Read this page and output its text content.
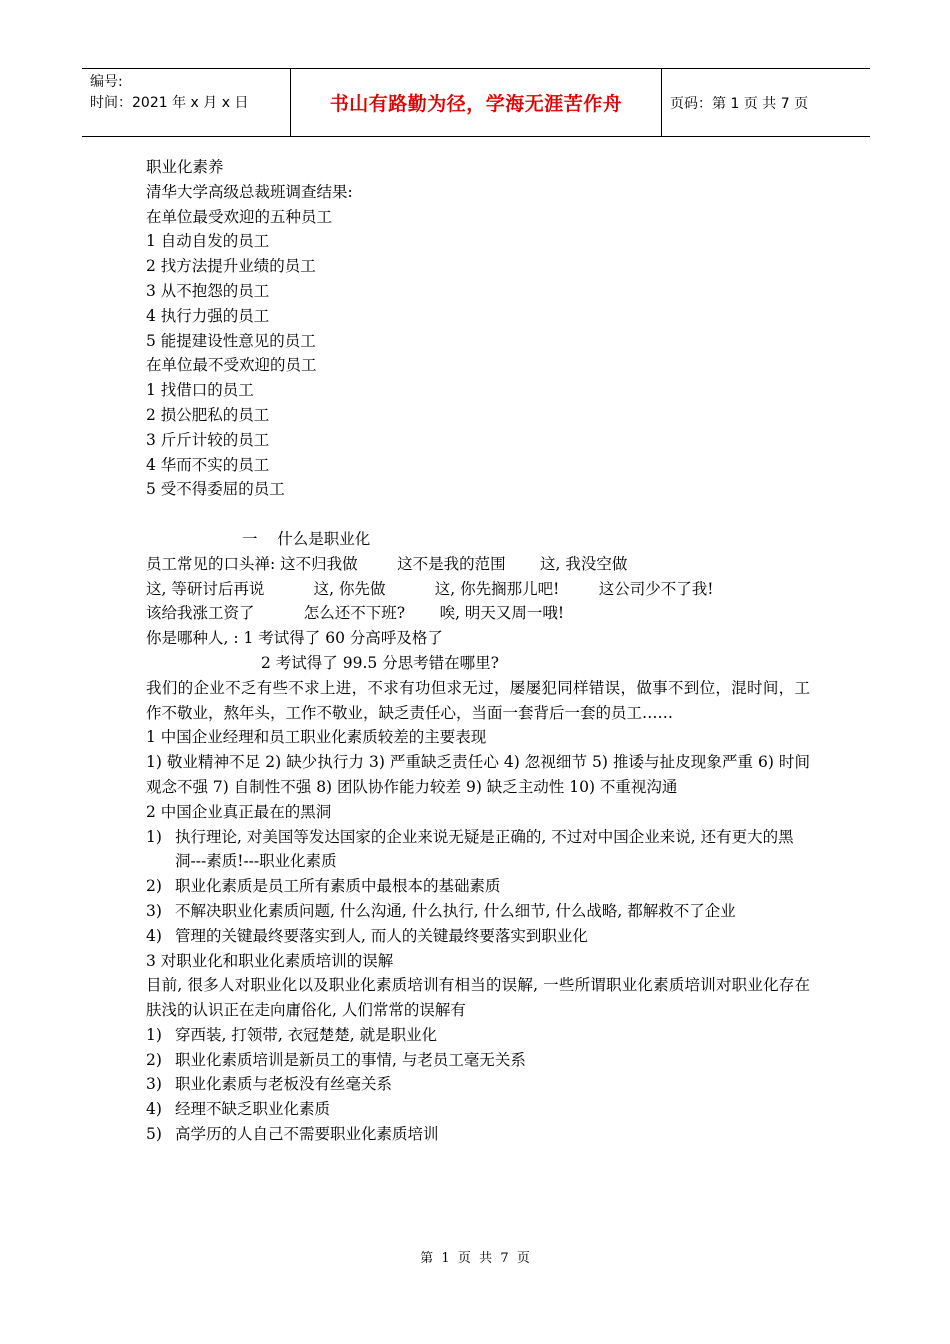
编号:
时间：2021 年 x 月 x 日	书山有路勤为径，学海无涯苦作舟	页码：第 1 页 共 7 页
职业化素养
清华大学高级总裁班调查结果:
在单位最受欢迎的五种员工
1 自动自发的员工
2 找方法提升业绩的员工
3 从不抱怨的员工
4 执行力强的员工
5 能提建设性意见的员工
在单位最不受欢迎的员工
1 找借口的员工
2 损公肥私的员工
3 斤斤计较的员工
4 华而不实的员工
5 受不得委屈的员工
一    什么是职业化
员工常见的口头禅: 这不归我做        这不是我的范围       这, 我没空做
这, 等研讨后再说          这, 你先做          这, 你先搁那儿吧!        这公司少不了我!
该给我涨工资了          怎么还不下班?       唉, 明天又周一哦!
你是哪种人, : 1 考试得了 60 分高呼及格了
2 考试得了 99.5 分思考错在哪里?
我们的企业不乏有些不求上进，不求有功但求无过，屡屡犯同样错误，做事不到位，混时间，工作不敬业，熬年头，工作不敬业，缺乏责任心，当面一套背后一套的员工……
1 中国企业经理和员工职业化素质较差的主要表现
1) 敬业精神不足 2) 缺少执行力 3) 严重缺乏责任心 4) 忽视细节 5) 推诿与扯皮现象严重 6) 时间观念不强 7) 自制性不强 8) 团队协作能力较差 9) 缺乏主动性 10) 不重视沟通
2 中国企业真正最在的黑洞
1) 执行理论, 对美国等发达国家的企业来说无疑是正确的, 不过对中国企业来说, 还有更大的黑洞---素质!---职业化素质
2) 职业化素质是员工所有素质中最根本的基础素质
3) 不解决职业化素质问题, 什么沟通, 什么执行, 什么细节, 什么战略, 都解救不了企业
4) 管理的关键最终要落实到人, 而人的关键最终要落实到职业化
3 对职业化和职业化素质培训的误解
目前, 很多人对职业化以及职业化素质培训有相当的误解, 一些所谓职业化素质培训对职业化存在肤浅的认识正在走向庸俗化, 人们常常的误解有
1) 穿西装, 打领带, 衣冠楚楚, 就是职业化
2) 职业化素质培训是新员工的事情, 与老员工毫无关系
3) 职业化素质与老板没有丝毫关系
4) 经理不缺乏职业化素质
5) 高学历的人自己不需要职业化素质培训
第  1  页  共  7  页
